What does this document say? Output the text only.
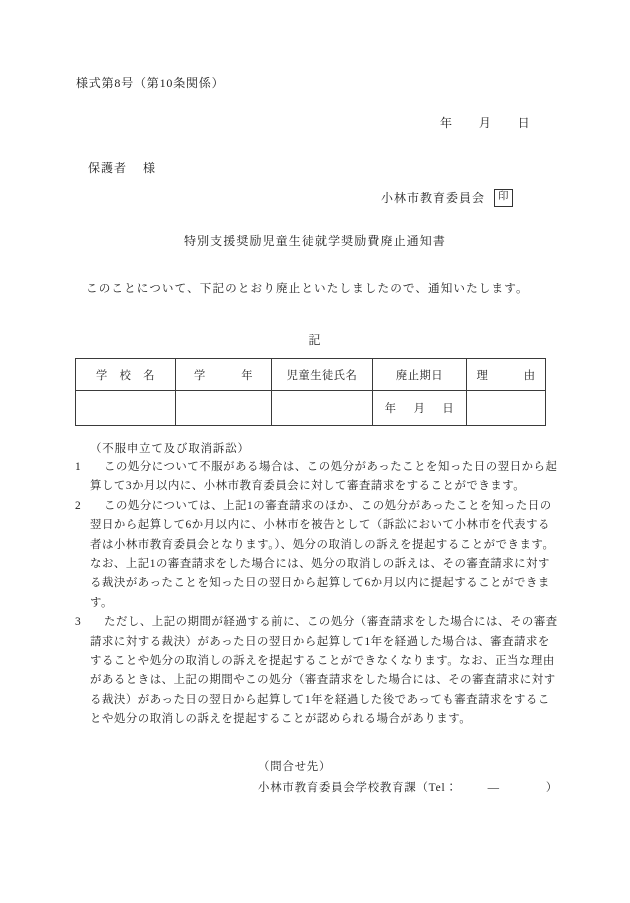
様式第8号（第10条関係）
年 月 日
保護者 様
小林市教育委員会	印
特別支援奨励児童生徒就学奨励費廃止通知書
このことについて、下記のとおり廃止といたしましたので、通知いたします。
記
学　校　名	学　　　年	児童生徒氏名	廃止期日	理　　　由
			年 月 日	
（不服申立て及び取消訴訟）
1	この処分について不服がある場合は、この処分があったことを知った日の翌日から起

算して3か月以内に、小林市教育委員会に対して審査請求をすることができます。

2	この処分については、上記1の審査請求のほか、この処分があったことを知った日の

翌日から起算して6か月以内に、小林市を被告として（訴訟において小林市を代表する

者は小林市教育委員会となります。）、処分の取消しの訴えを提起することができます。

なお、上記1の審査請求をした場合には、処分の取消しの訴えは、その審査請求に対す

る裁決があったことを知った日の翌日から起算して6か月以内に提起することができま

す。

3	ただし、上記の期間が経過する前に、この処分（審査請求をした場合には、その審査

請求に対する裁決）があった日の翌日から起算して1年を経過した場合は、審査請求を

することや処分の取消しの訴えを提起することができなくなります。なお、正当な理由

があるときは、上記の期間やこの処分（審査請求をした場合には、その審査請求に対す

る裁決）があった日の翌日から起算して1年を経過した後であっても審査請求をするこ

とや処分の取消しの訴えを提起することが認められる場合があります。

（問合せ先）

小林市教育委員会学校教育課（Tel：	―	）
